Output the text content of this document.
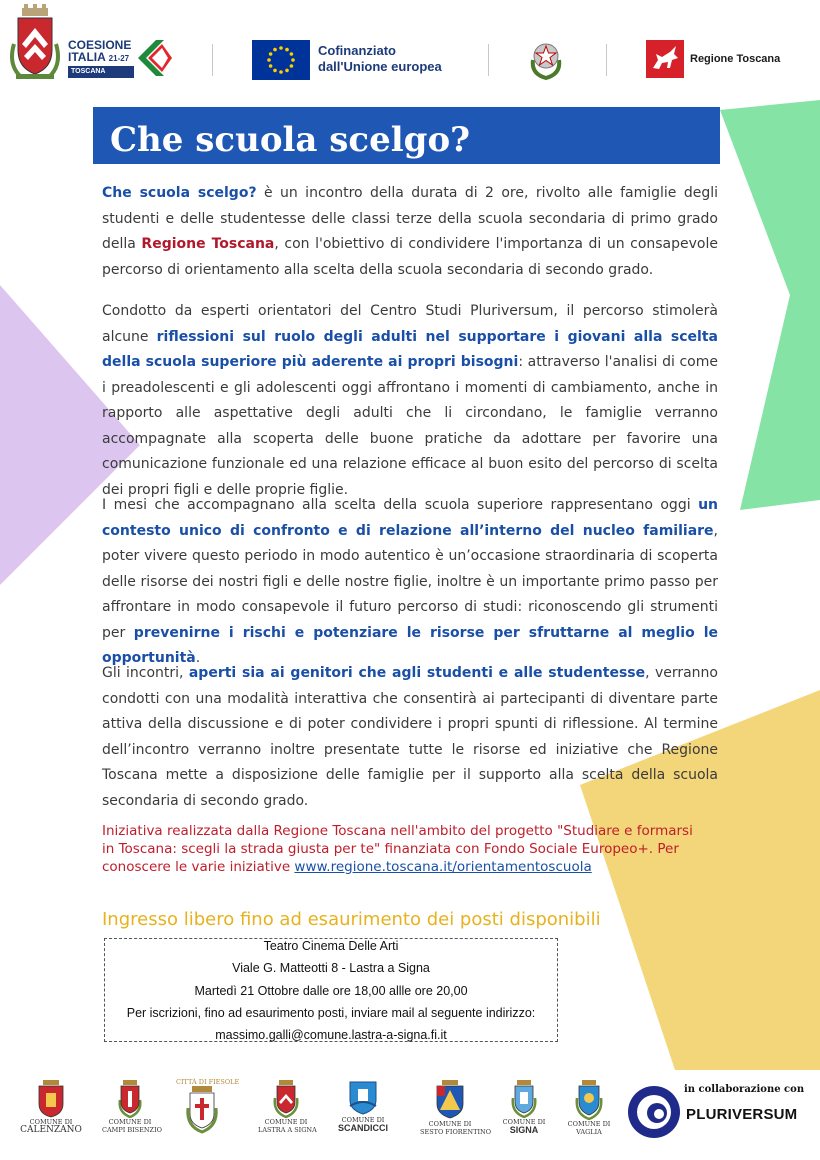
COESIONE
ITALIA 21-27
TOSCANA
Cofinanziato
dall'Unione europea	Regione Toscana
Che scuola scelgo?
Che scuola scelgo? è un incontro della durata di 2 ore, rivolto alle famiglie degli studenti e delle studentesse delle classi terze della scuola secondaria di primo grado della Regione Toscana, con l'obiettivo di condividere l'importanza di un consapevole percorso di orientamento alla scelta della scuola secondaria di secondo grado.
Condotto da esperti orientatori del Centro Studi Pluriversum, il percorso stimolerà alcune riflessioni sul ruolo degli adulti nel supportare i giovani alla scelta della scuola superiore più aderente ai propri bisogni: attraverso l'analisi di come i preadolescenti e gli adolescenti oggi affrontano i momenti di cambiamento, anche in rapporto alle aspettative degli adulti che li circondano, le famiglie verranno accompagnate alla scoperta delle buone pratiche da adottare per favorire una comunicazione funzionale ed una relazione efficace al buon esito del percorso di scelta dei propri figli e delle proprie figlie.
I mesi che accompagnano alla scelta della scuola superiore rappresentano oggi un contesto unico di confronto e di relazione all’interno del nucleo familiare, poter vivere questo periodo in modo autentico è un’occasione straordinaria di scoperta delle risorse dei nostri figli e delle nostre figlie, inoltre è un importante primo passo per affrontare in modo consapevole il futuro percorso di studi: riconoscendo gli strumenti per prevenirne i rischi e potenziare le risorse per sfruttarne al meglio le opportunità.
Gli incontri, aperti sia ai genitori che agli studenti e alle studentesse, verranno condotti con una modalità interattiva che consentirà ai partecipanti di diventare parte attiva della discussione e di poter condividere i propri spunti di riflessione. Al termine dell’incontro verranno inoltre presentate tutte le risorse ed iniziative che Regione Toscana mette a disposizione delle famiglie per il supporto alla scelta della scuola secondaria di secondo grado.
Iniziativa realizzata dalla Regione Toscana nell'ambito del progetto "Studiare e formarsi in Toscana: scegli la strada giusta per te" finanziata con Fondo Sociale Europeo+. Per conoscere le varie iniziative www.regione.toscana.it/orientamentoscuola
Ingresso libero fino ad esaurimento dei posti disponibili
Teatro Cinema Delle Arti
Viale G. Matteotti 8 - Lastra a Signa
Martedì 21 Ottobre dalle ore 18,00 allle ore 20,00
Per iscrizioni, fino ad esaurimento posti, inviare mail al seguente indirizzo:
massimo.galli@comune.lastra-a-signa.fi.it
COMUNE DI
CALENZANO
COMUNE DI
CAMPI BISENZIO
CITTÀ DI FIESOLE
COMUNE DI
LASTRA A SIGNA
COMUNE DI
SCANDICCI	COMUNE DI
SESTO FIORENTINO
COMUNE DI
SIGNA
COMUNE DI
VAGLIA
in collaborazione con
PLURIVERSUM
